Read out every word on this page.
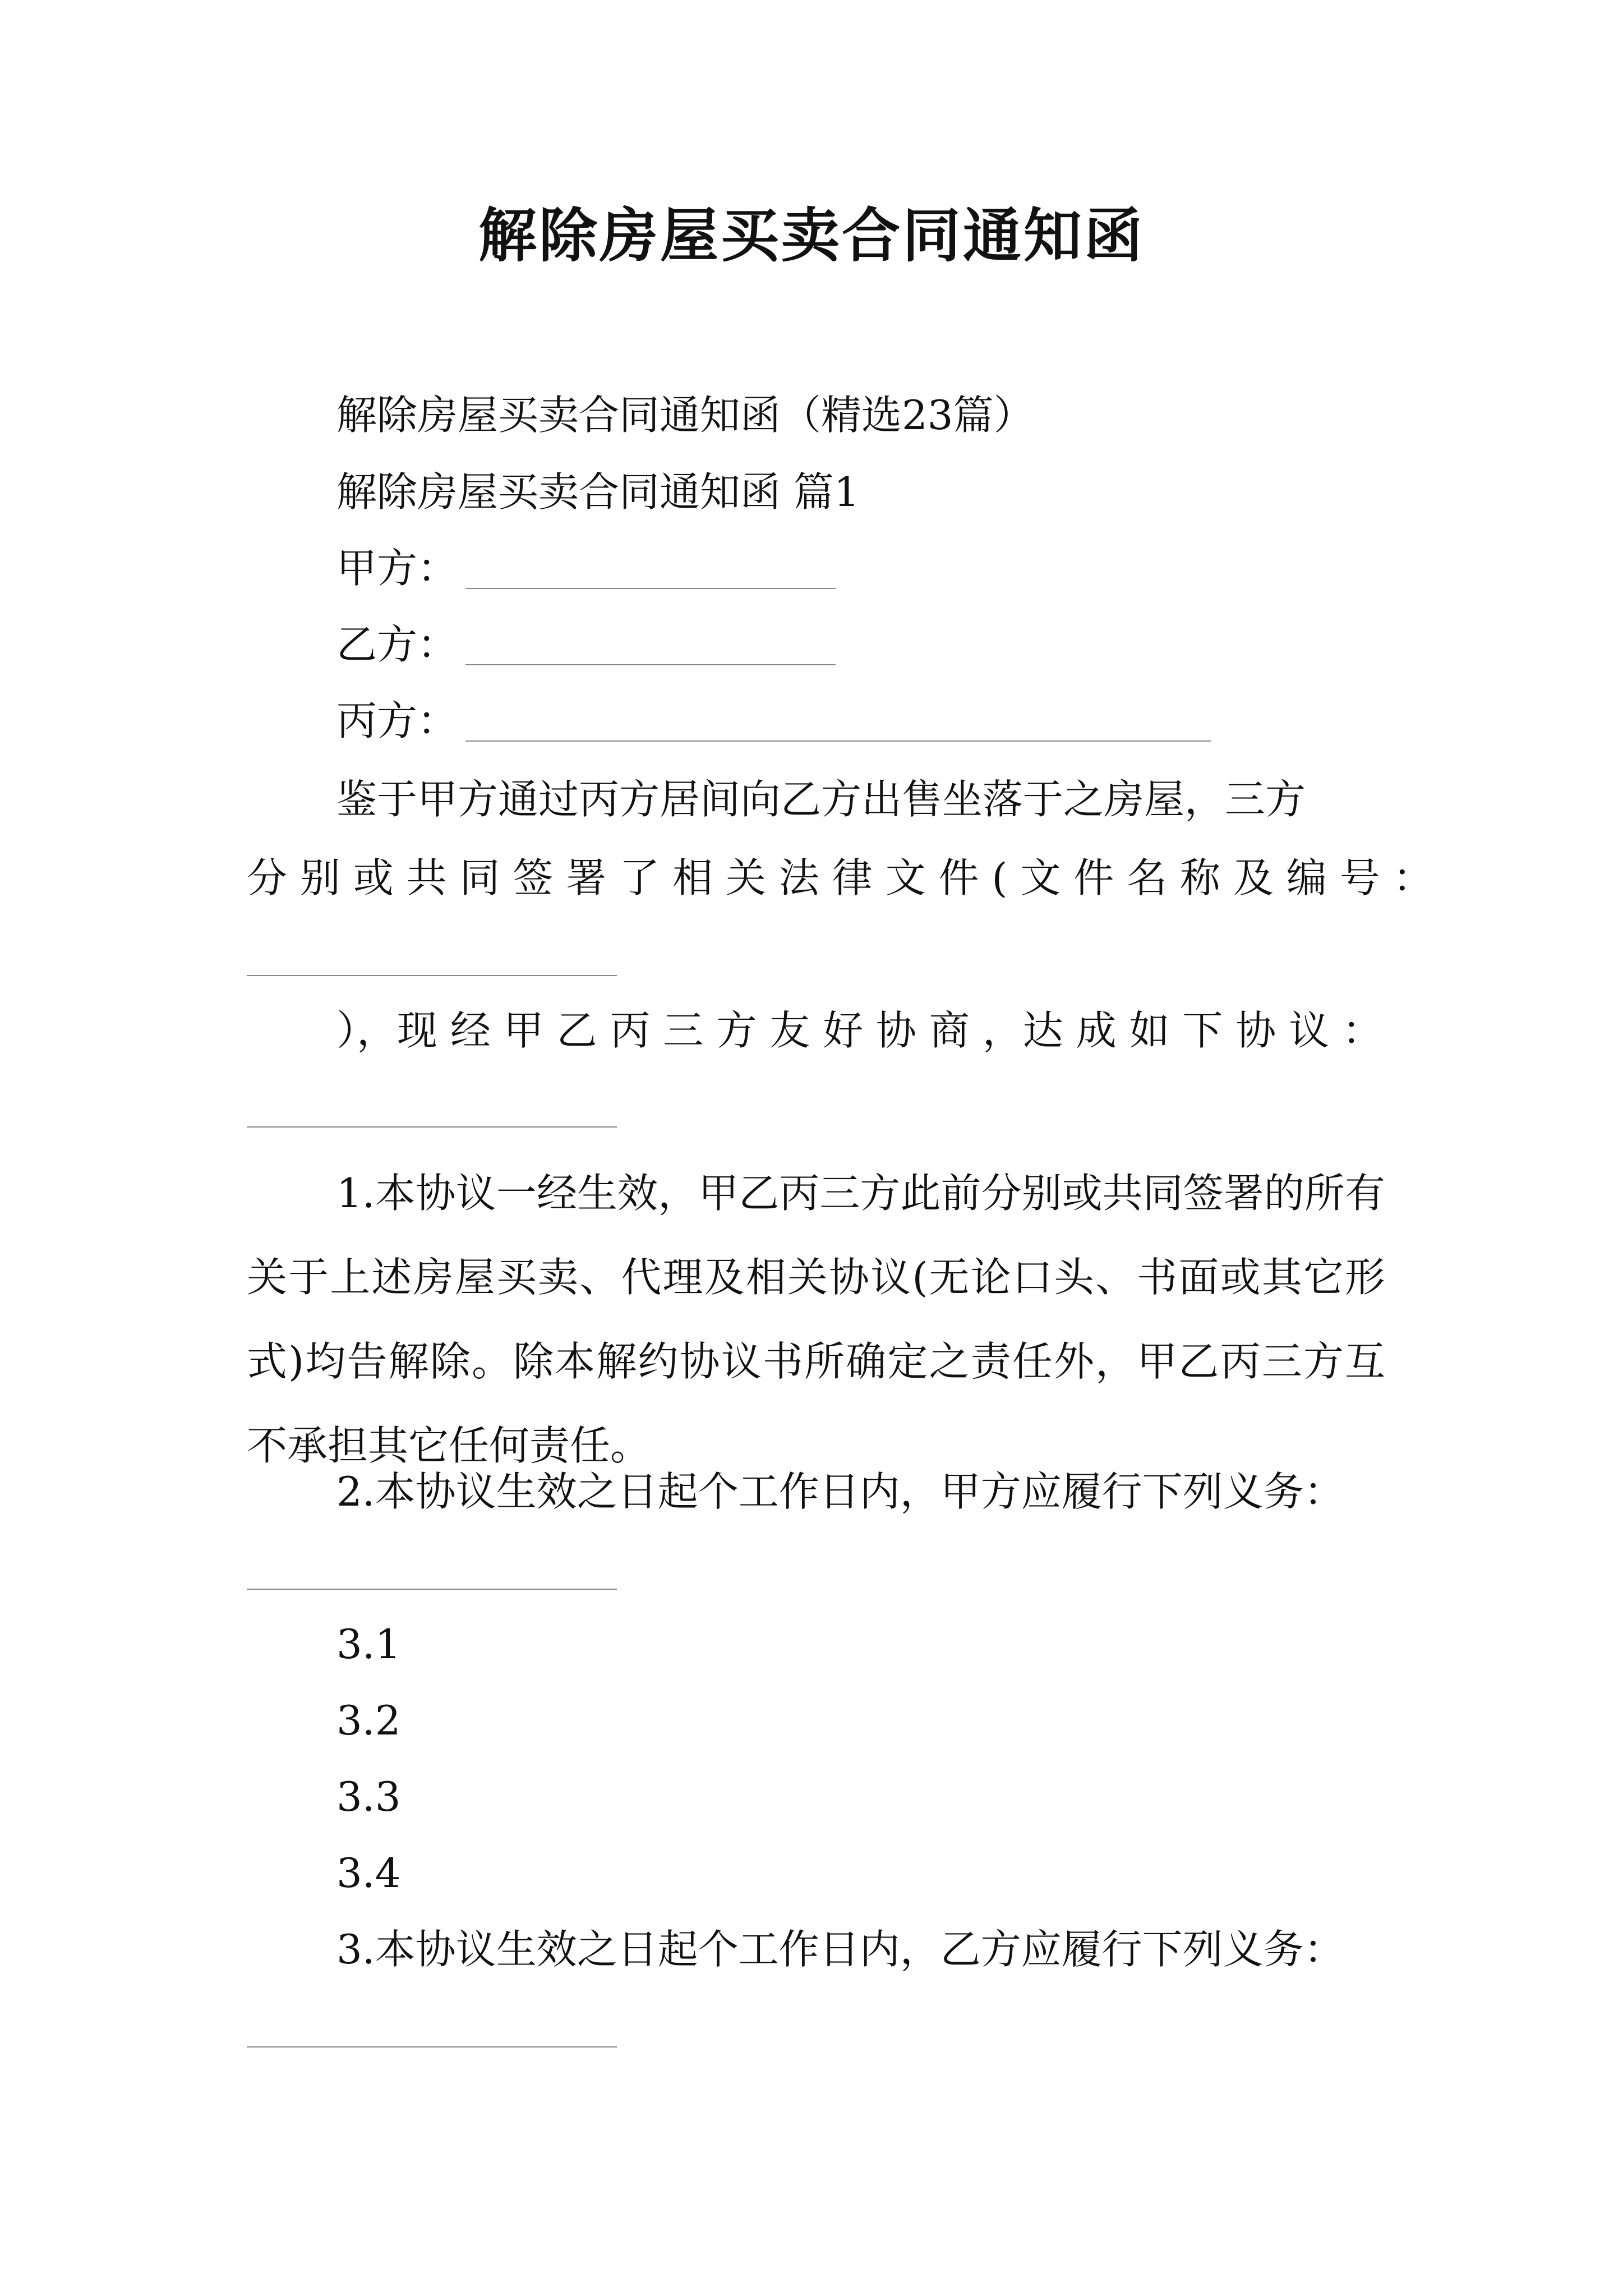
解除房屋买卖合同通知函
解除房屋买卖合同通知函（精选23篇）
解除房屋买卖合同通知函 篇1
甲方：
乙方：
丙方：
鉴于甲方通过丙方居间向乙方出售坐落于之房屋，三方
分 别 或 共 同 签 署 了 相 关 法 律 文 件 ( 文 件 名 称 及 编 号 ：
），现 经 甲 乙 丙 三 方 友 好 协 商 ，达 成 如 下 协 议 ：
1.本协议一经生效，甲乙丙三方此前分别或共同签署的所有关于上述房屋买卖、代理及相关协议(无论口头、书面或其它形式)均告解除。除本解约协议书所确定之责任外，甲乙丙三方互不承担其它任何责任。
2.本协议生效之日起个工作日内，甲方应履行下列义务：
3.1
3.2
3.3
3.4
3.本协议生效之日起个工作日内，乙方应履行下列义务：
